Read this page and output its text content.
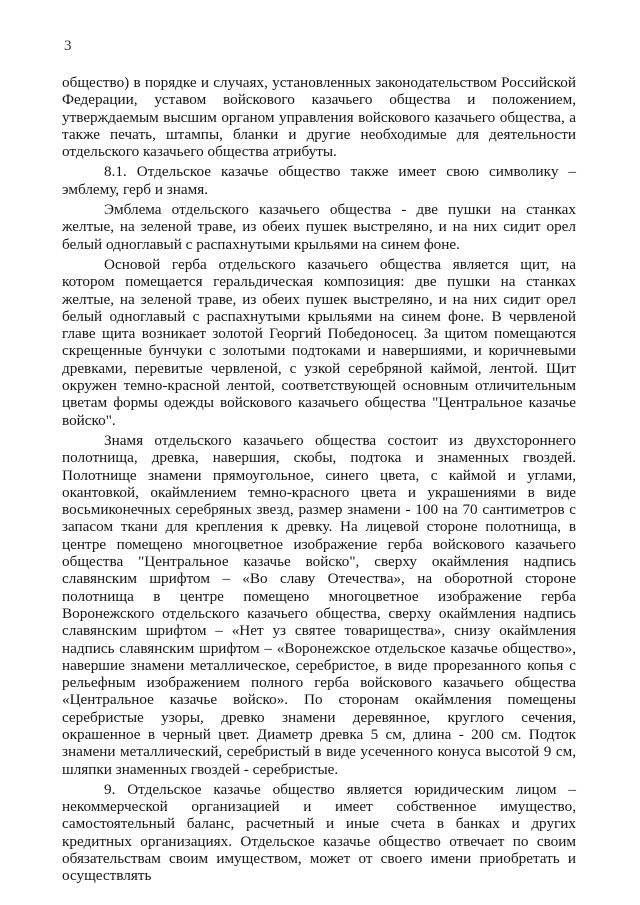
3

общество) в порядке и случаях, установленных законодательством Российской Федерации, уставом войскового казачьего общества и положением, утверждаемым высшим органом управления войскового казачьего общества, а также печать, штампы, бланки и другие необходимые для деятельности отдельского казачьего общества атрибуты.

8.1. Отдельское казачье общество также имеет свою символику – эмблему, герб и знамя.

Эмблема отдельского казачьего общества - две пушки на станках желтые, на зеленой траве, из обеих пушек выстреляно, и на них сидит орел белый одноглавый с распахнутыми крыльями на синем фоне.

Основой герба отдельского казачьего общества является щит, на котором помещается геральдическая композиция: две пушки на станках желтые, на зеленой траве, из обеих пушек выстреляно, и на них сидит орел белый одноглавый с распахнутыми крыльями на синем фоне. В червленой главе щита возникает золотой Георгий Победоносец. За щитом помещаются скрещенные бунчуки с золотыми подтоками и навершиями, и коричневыми древками, перевитые червленой, с узкой серебряной каймой, лентой. Щит окружен темно-красной лентой, соответствующей основным отличительным цветам формы одежды войскового казачьего общества "Центральное казачье войско".

Знамя отдельского казачьего общества состоит из двухстороннего полотнища, древка, навершия, скобы, подтока и знаменных гвоздей. Полотнище знамени прямоугольное, синего цвета, с каймой и углами, окантовкой, окаймлением темно-красного цвета и украшениями в виде восьмиконечных серебряных звезд, размер знамени - 100 на 70 сантиметров с запасом ткани для крепления к древку. На лицевой стороне полотнища, в центре помещено многоцветное изображение герба войскового казачьего общества "Центральное казачье войско", сверху окаймления надпись славянским шрифтом – «Во славу Отечества», на оборотной стороне полотнища в центре помещено многоцветное изображение герба Воронежского отдельского казачьего общества, сверху окаймления надпись славянским шрифтом – «Нет уз святее товарищества», снизу окаймления надпись славянским шрифтом – «Воронежское отдельское казачье общество», навершие знамени металлическое, серебристое, в виде прорезанного копья с рельефным изображением полного герба войскового казачьего общества «Центральное казачье войско». По сторонам окаймления помещены серебристые узоры, древко знамени деревянное, круглого сечения, окрашенное в черный цвет. Диаметр древка 5 см, длина - 200 см. Подток знамени металлический, серебристый в виде усеченного конуса высотой 9 см, шляпки знаменных гвоздей - серебристые.

9. Отдельское казачье общество является юридическим лицом – некоммерческой организацией и имеет собственное имущество, самостоятельный баланс, расчетный и иные счета в банках и других кредитных организациях. Отдельское казачье общество отвечает по своим обязательствам своим имуществом, может от своего имени приобретать и осуществлять
